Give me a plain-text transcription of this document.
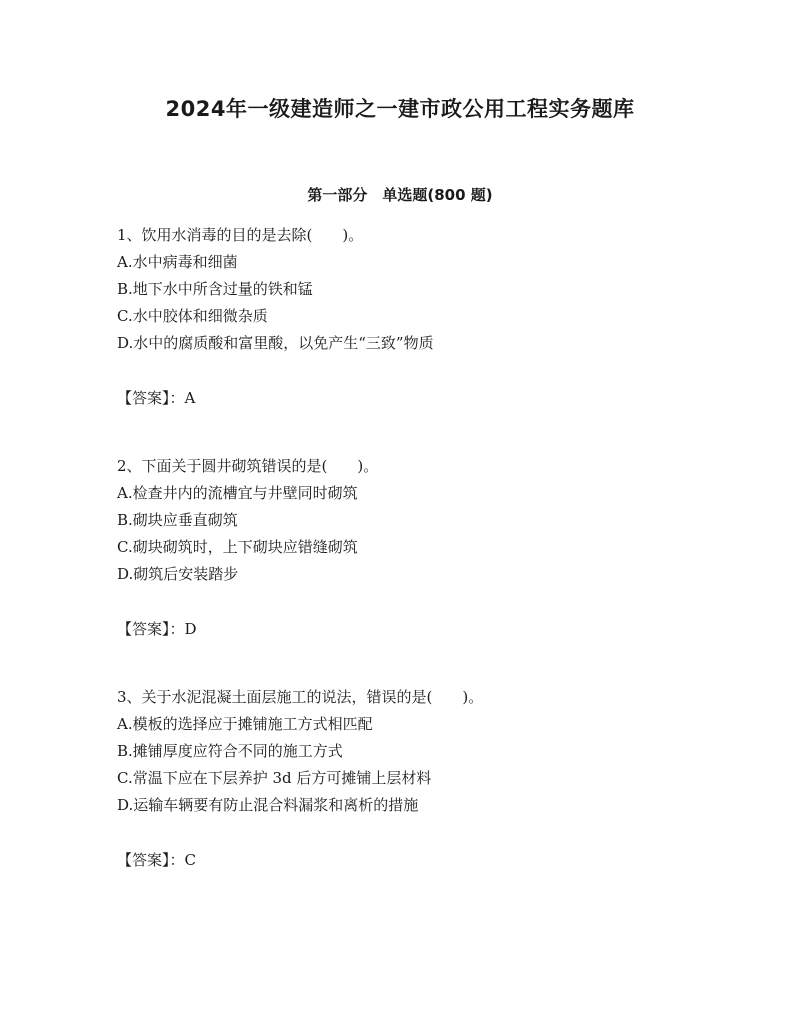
2024年一级建造师之一建市政公用工程实务题库
第一部分　单选题(800 题)
1、饮用水消毒的目的是去除(　　)。
A.水中病毒和细菌
B.地下水中所含过量的铁和锰
C.水中胶体和细微杂质
D.水中的腐质酸和富里酸，以免产生“三致”物质
【答案】：A
2、下面关于圆井砌筑错误的是(　　)。
A.检查井内的流槽宜与井壁同时砌筑
B.砌块应垂直砌筑
C.砌块砌筑时，上下砌块应错缝砌筑
D.砌筑后安装踏步
【答案】：D
3、关于水泥混凝土面层施工的说法，错误的是(　　)。
A.模板的选择应于摊铺施工方式相匹配
B.摊铺厚度应符合不同的施工方式
C.常温下应在下层养护 3d 后方可摊铺上层材料
D.运输车辆要有防止混合料漏浆和离析的措施
【答案】：C
